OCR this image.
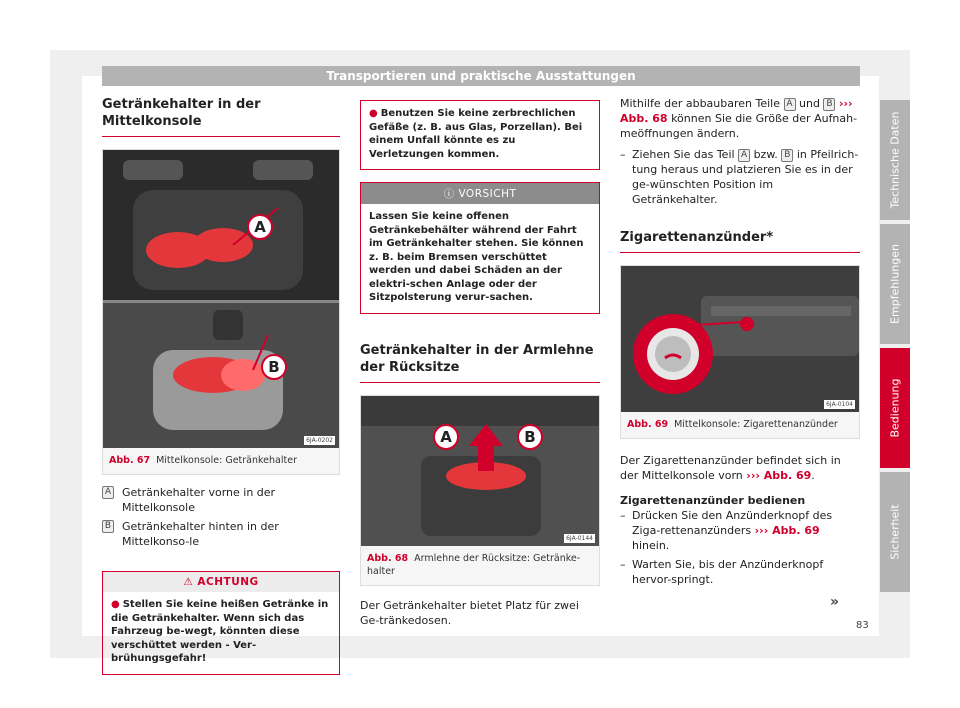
Transportieren und praktische Ausstattungen
Getränkehalter in der Mittelkonsole
A
B
6JA-0202
Abb. 67 Mittelkonsole: Getränkehalter
A Getränkehalter vorne in der Mittelkonsole
B Getränkehalter hinten in der Mittelkonso-le
⚠ ACHTUNG
● Stellen Sie keine heißen Getränke in die Getränkehalter. Wenn sich das Fahrzeug be-wegt, könnten diese verschüttet werden - Ver-brühungsgefahr!
● Benutzen Sie keine zerbrechlichen Gefäße (z. B. aus Glas, Porzellan). Bei einem Unfall könnte es zu Verletzungen kommen.
ⓘ VORSICHT
Lassen Sie keine offenen Getränkebehälter während der Fahrt im Getränkehalter stehen. Sie können z. B. beim Bremsen verschüttet werden und dabei Schäden an der elektri-schen Anlage oder der Sitzpolsterung verur-sachen.
Getränkehalter in der Armlehne der Rücksitze
A	B
6JA-0144
Abb. 68 Armlehne der Rücksitze: Getränke-halter
Der Getränkehalter bietet Platz für zwei Ge-tränkedosen.
Mithilfe der abbaubaren Teile A und B ››› Abb. 68 können Sie die Größe der Aufnah-meöffnungen ändern.
– Ziehen Sie das Teil A bzw. B in Pfeilrich-tung heraus und platzieren Sie es in der ge-wünschten Position im Getränkehalter.
Zigarettenanzünder*
6JA-0104
Abb. 69 Mittelkonsole: Zigarettenanzünder
Der Zigarettenanzünder befindet sich in der Mittelkonsole vorn ››› Abb. 69.
Zigarettenanzünder bedienen
– Drücken Sie den Anzünderknopf des Ziga-rettenanzünders ››› Abb. 69 hinein.
– Warten Sie, bis der Anzünderknopf hervor-springt.
»
Technische Daten
Empfehlungen
Bedienung
Sicherheit
83
